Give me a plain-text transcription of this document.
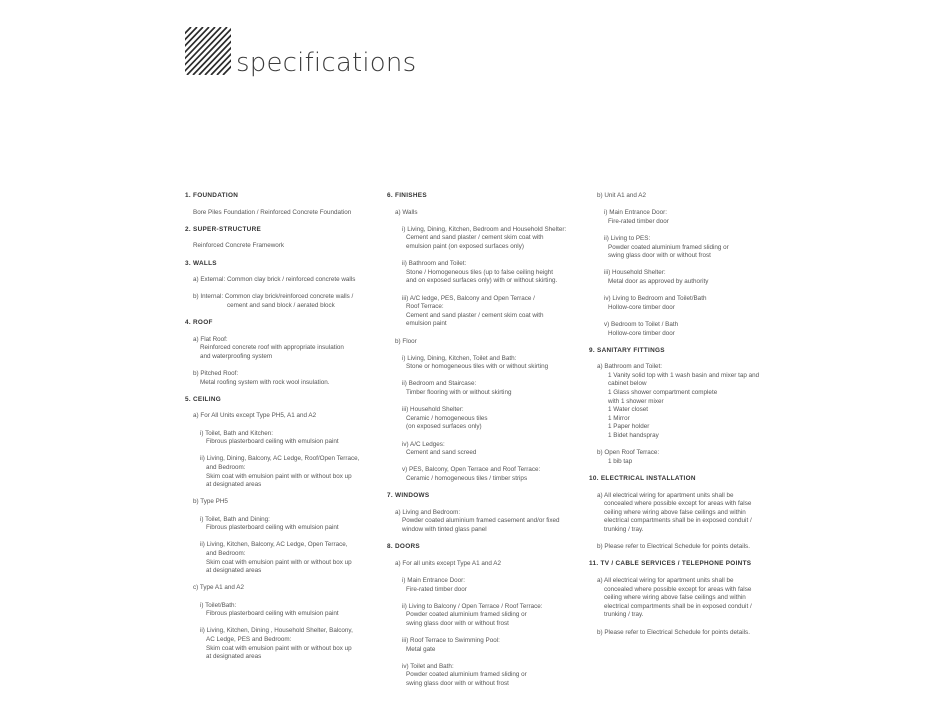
specifications
1. FOUNDATION
Bore Piles Foundation / Reinforced Concrete Foundation
2. SUPER-STRUCTURE
Reinforced Concrete Framework
3. WALLS
a) External: Common clay brick / reinforced concrete walls
b) Internal: Common clay brick/reinforced concrete walls /
cement and sand block / aerated block
4. ROOF
a) Flat Roof:
Reinforced concrete roof with appropriate insulation
and waterproofing system
b) Pitched Roof:
Metal roofing system with rock wool insulation.
5. CEILING
a) For All Units except Type PH5, A1 and A2
i) Toilet, Bath and Kitchen:
Fibrous plasterboard ceiling with emulsion paint
ii) Living, Dining, Balcony, AC Ledge, Roof/Open Terrace,
and Bedroom:
Skim coat with emulsion paint with or without box up
at designated areas
b) Type PH5
i) Toilet, Bath and Dining:
Fibrous plasterboard ceiling with emulsion paint
ii) Living, Kitchen, Balcony, AC Ledge, Open Terrace,
and Bedroom:
Skim coat with emulsion paint with or without box up
at designated areas
c) Type A1 and A2
i) Toilet/Bath:
Fibrous plasterboard ceiling with emulsion paint
ii) Living, Kitchen, Dining , Household Shelter, Balcony,
AC Ledge, PES and Bedroom:
Skim coat with emulsion paint with or without box up
at designated areas
6. FINISHES
a) Walls
i) Living, Dining, Kitchen, Bedroom and Household Shelter:
Cement and sand plaster / cement skim coat with
emulsion paint (on exposed surfaces only)
ii) Bathroom and Toilet:
Stone / Homogeneous tiles (up to false ceiling height
and on exposed surfaces only) with or without skirting.
iii) A/C ledge, PES, Balcony and Open Terrace /
Roof Terrace:
Cement and sand plaster / cement skim coat with
emulsion paint
b) Floor
i) Living, Dining, Kitchen, Toilet and Bath:
Stone or homogeneous tiles with or without skirting
ii) Bedroom and Staircase:
Timber flooring with or without skirting
iii) Household Shelter:
Ceramic / homogeneous tiles
(on exposed surfaces only)
iv) A/C Ledges:
Cement and sand screed
v) PES, Balcony, Open Terrace and Roof Terrace:
Ceramic / homogeneous tiles / timber strips
7. WINDOWS
a) Living and Bedroom:
Powder coated aluminium framed casement and/or fixed
window with tinted glass panel
8. DOORS
a) For all units except Type A1 and A2
i) Main Entrance Door:
Fire-rated timber door
ii) Living to Balcony / Open Terrace / Roof Terrace:
Powder coated aluminium framed sliding or
swing glass door with or without frost
iii) Roof Terrace to Swimming Pool:
Metal gate
iv) Toilet and Bath:
Powder coated aluminium framed sliding or
swing glass door with or without frost
b) Unit A1 and A2
i) Main Entrance Door:
Fire-rated timber door
ii) Living to PES:
Powder coated aluminium framed sliding or
swing glass door with or without frost
iii) Household Shelter:
Metal door as approved by authority
iv) Living to Bedroom and Toilet/Bath
Hollow-core timber door
v) Bedroom to Toilet / Bath
Hollow-core timber door
9. SANITARY FITTINGS
a) Bathroom and Toilet:
1 Vanity solid top with 1 wash basin and mixer tap and
cabinet below
1 Glass shower compartment complete
with 1 shower mixer
1 Water closet
1 Mirror
1 Paper holder
1 Bidet handspray
b) Open Roof Terrace:
1 bib tap
10. ELECTRICAL INSTALLATION
a) All electrical wiring for apartment units shall be
concealed where possible except for areas with false
ceiling where wiring above false ceilings and within
electrical compartments shall be in exposed conduit /
trunking / tray.
b) Please refer to Electrical Schedule for points details.
11. TV / CABLE SERVICES / TELEPHONE POINTS
a) All electrical wiring for apartment units shall be
concealed where possible except for areas with false
ceiling where wiring above false ceilings and within
electrical compartments shall be in exposed conduit /
trunking / tray.
b) Please refer to Electrical Schedule for points details.
